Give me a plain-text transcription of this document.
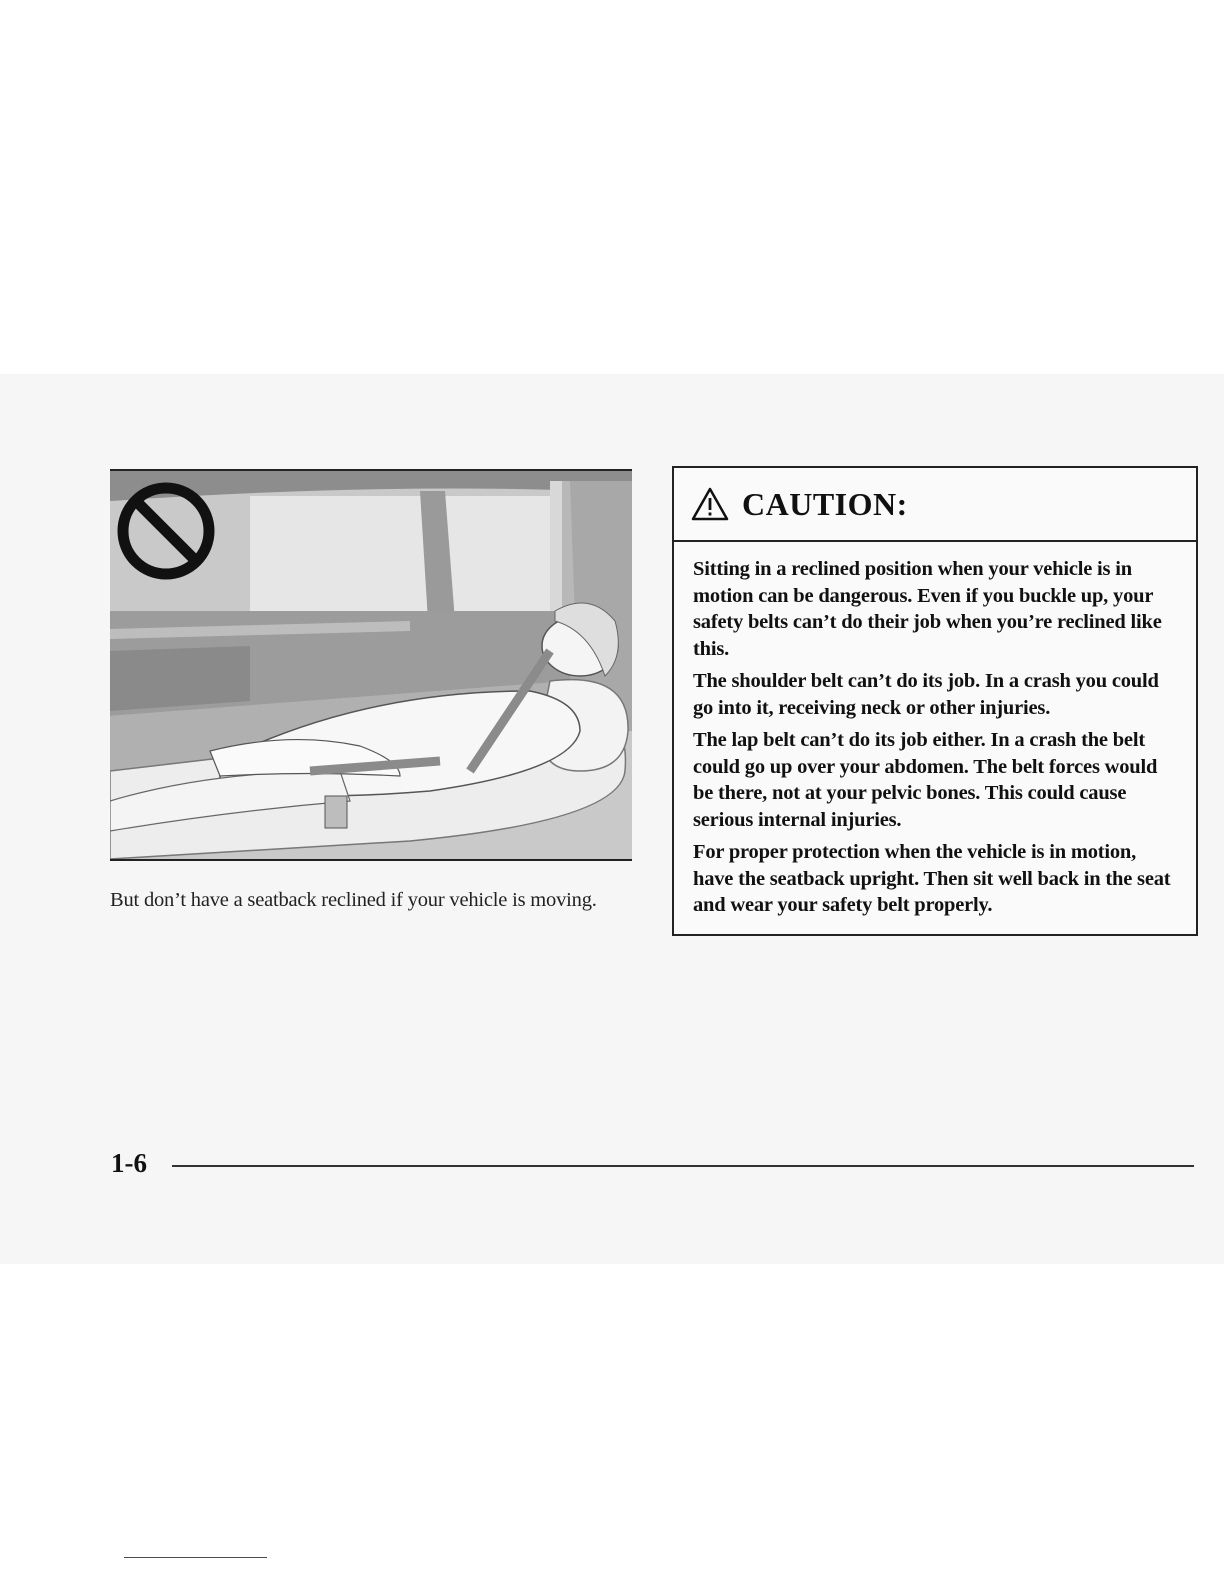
But don’t have a seatback reclined if your vehicle is moving.
CAUTION:

Sitting in a reclined position when your vehicle is in motion can be dangerous. Even if you buckle up, your safety belts can’t do their job when you’re reclined like this.

The shoulder belt can’t do its job. In a crash you could go into it, receiving neck or other injuries.

The lap belt can’t do its job either. In a crash the belt could go up over your abdomen. The belt forces would be there, not at your pelvic bones. This could cause serious internal injuries.

For proper protection when the vehicle is in motion, have the seatback upright. Then sit well back in the seat and wear your safety belt properly.

1-6
